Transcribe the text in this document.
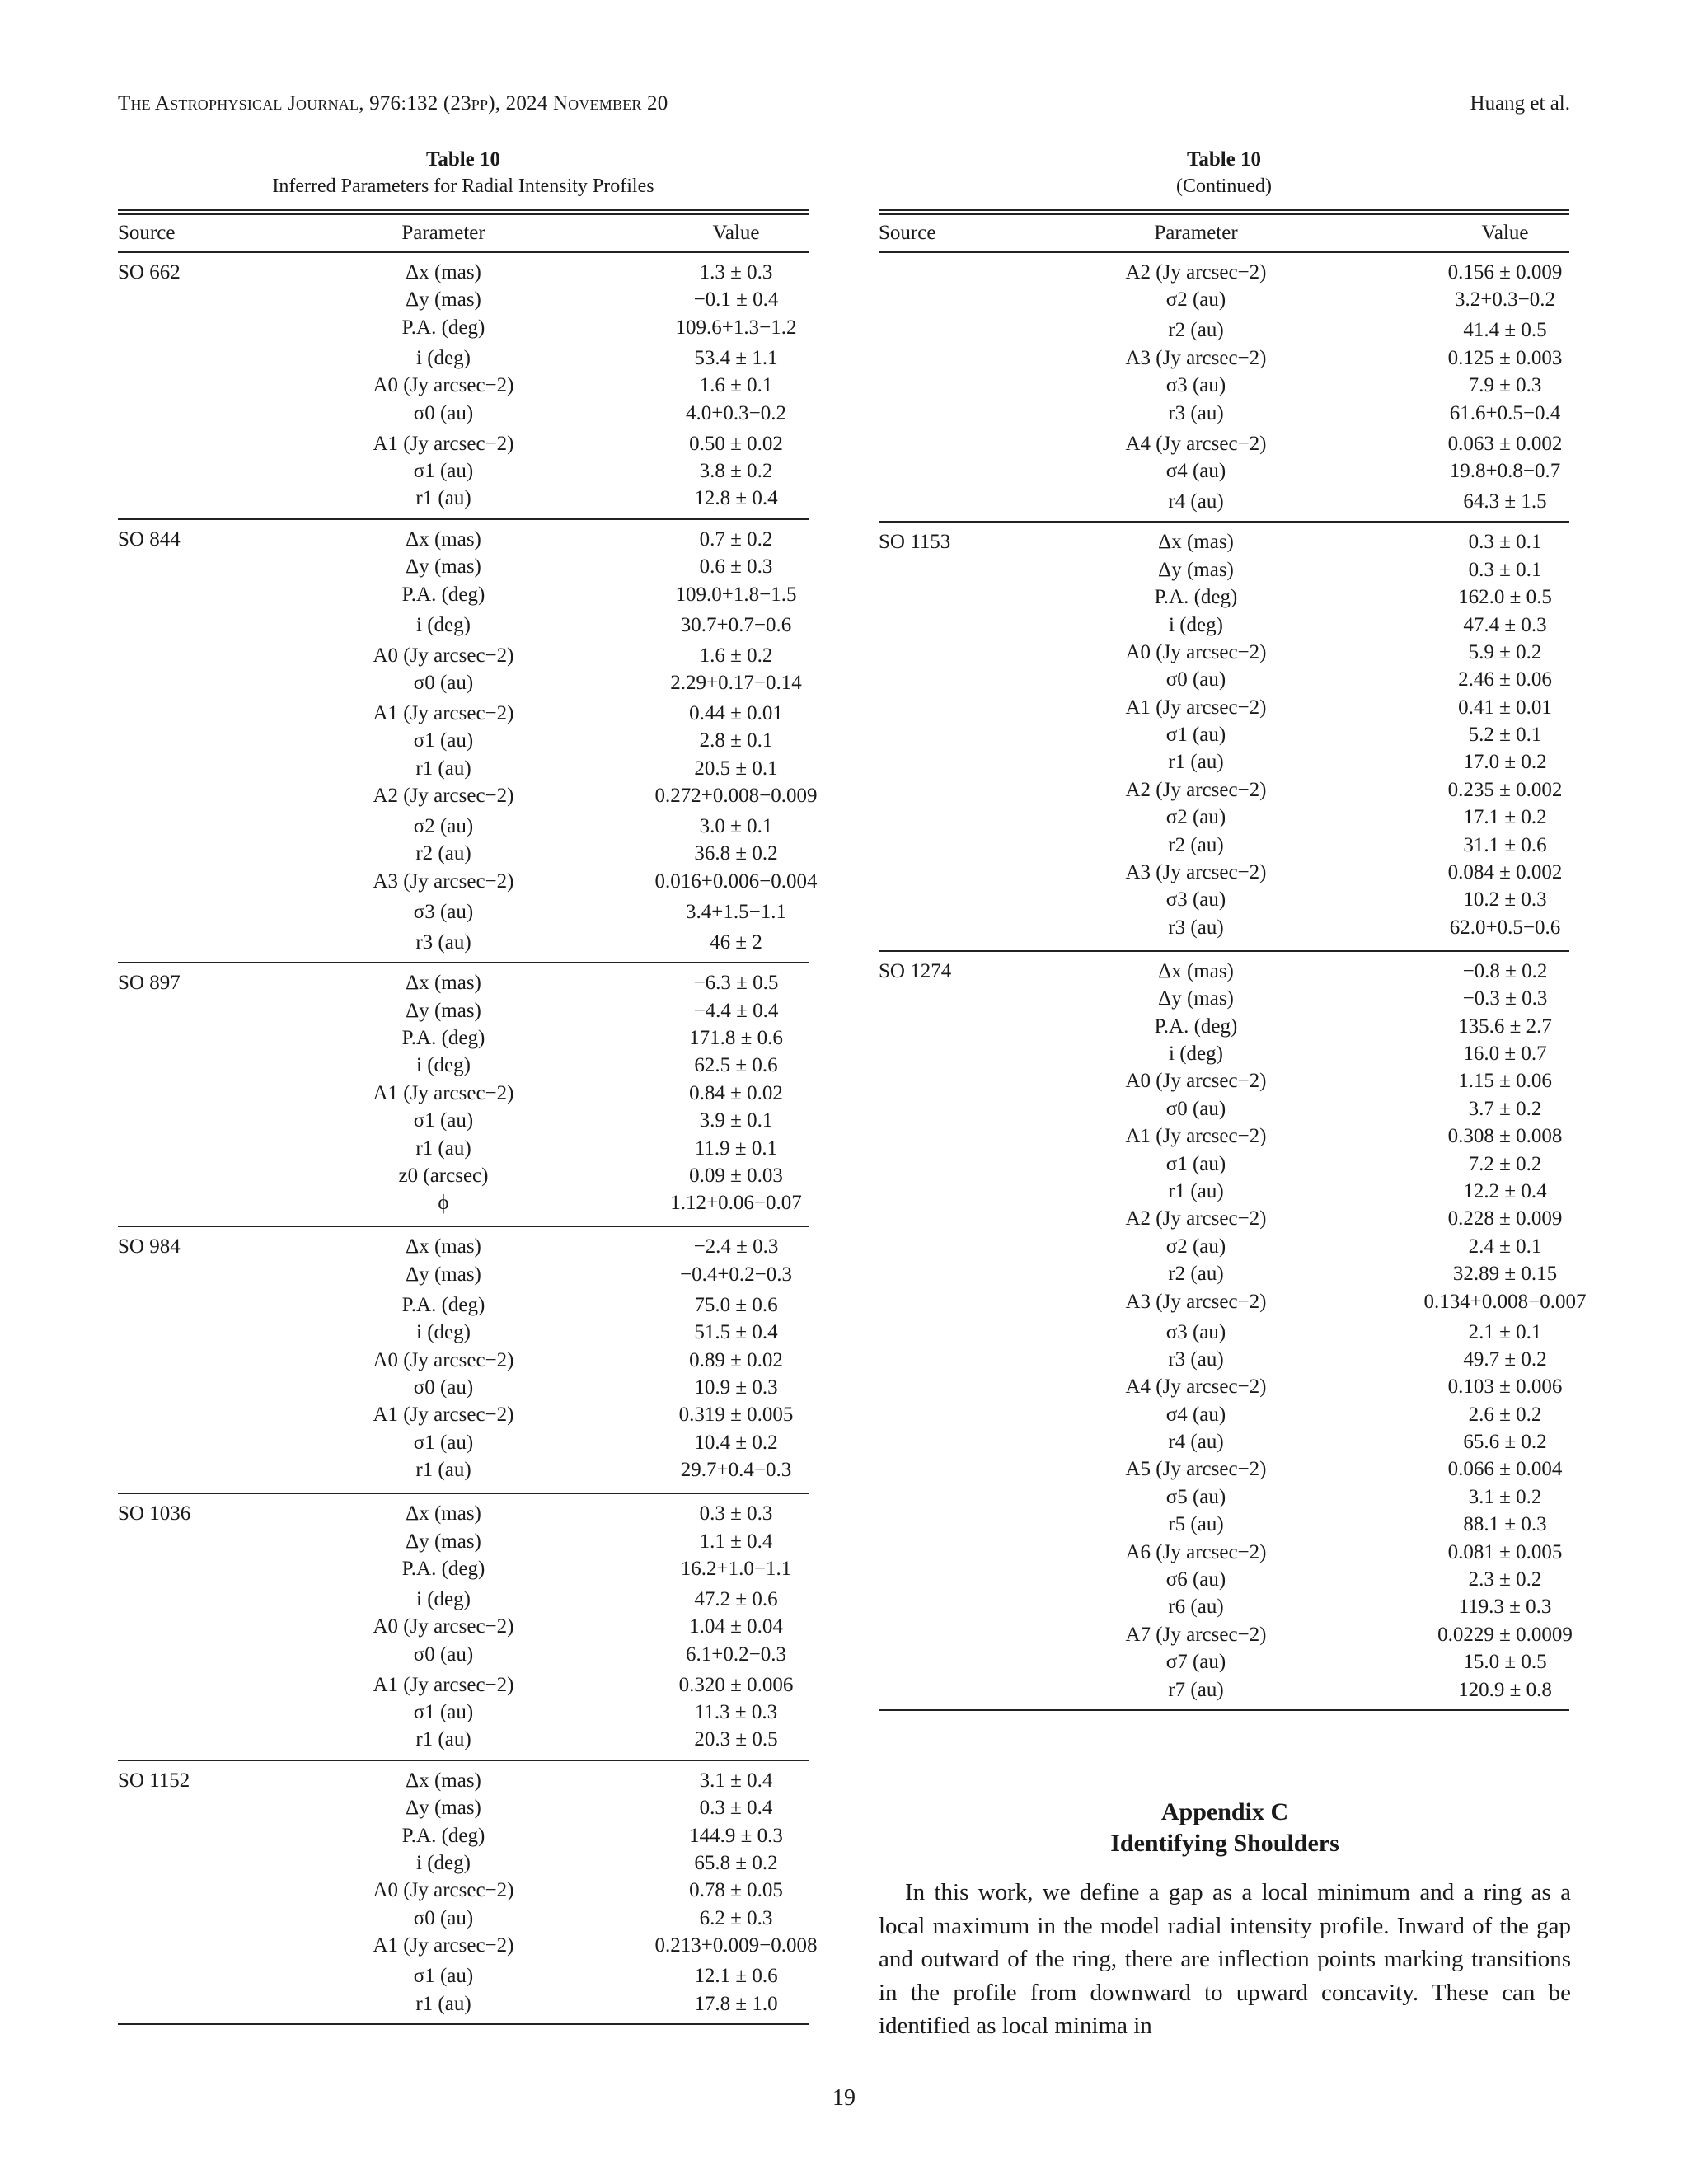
The Astrophysical Journal, 976:132 (23pp), 2024 November 20	Huang et al.
Table 10
Inferred Parameters for Radial Intensity Profiles
Source	Parameter	Value
SO 662	Δx (mas)	1.3 ± 0.3
Δy (mas)	−0.1 ± 0.4
P.A. (deg)	109.6+1.3−1.2
i (deg)	53.4 ± 1.1
A0 (Jy arcsec−2)	1.6 ± 0.1
σ0 (au)	4.0+0.3−0.2
A1 (Jy arcsec−2)	0.50 ± 0.02
σ1 (au)	3.8 ± 0.2
r1 (au)	12.8 ± 0.4
SO 844	Δx (mas)	0.7 ± 0.2
Δy (mas)	0.6 ± 0.3
P.A. (deg)	109.0+1.8−1.5
i (deg)	30.7+0.7−0.6
A0 (Jy arcsec−2)	1.6 ± 0.2
σ0 (au)	2.29+0.17−0.14
A1 (Jy arcsec−2)	0.44 ± 0.01
σ1 (au)	2.8 ± 0.1
r1 (au)	20.5 ± 0.1
A2 (Jy arcsec−2)	0.272+0.008−0.009
σ2 (au)	3.0 ± 0.1
r2 (au)	36.8 ± 0.2
A3 (Jy arcsec−2)	0.016+0.006−0.004
σ3 (au)	3.4+1.5−1.1
r3 (au)	46 ± 2
SO 897	Δx (mas)	−6.3 ± 0.5
Δy (mas)	−4.4 ± 0.4
P.A. (deg)	171.8 ± 0.6
i (deg)	62.5 ± 0.6
A1 (Jy arcsec−2)	0.84 ± 0.02
σ1 (au)	3.9 ± 0.1
r1 (au)	11.9 ± 0.1
z0 (arcsec)	0.09 ± 0.03
ϕ	1.12+0.06−0.07
SO 984	Δx (mas)	−2.4 ± 0.3
Δy (mas)	−0.4+0.2−0.3
P.A. (deg)	75.0 ± 0.6
i (deg)	51.5 ± 0.4
A0 (Jy arcsec−2)	0.89 ± 0.02
σ0 (au)	10.9 ± 0.3
A1 (Jy arcsec−2)	0.319 ± 0.005
σ1 (au)	10.4 ± 0.2
r1 (au)	29.7+0.4−0.3
SO 1036	Δx (mas)	0.3 ± 0.3
Δy (mas)	1.1 ± 0.4
P.A. (deg)	16.2+1.0−1.1
i (deg)	47.2 ± 0.6
A0 (Jy arcsec−2)	1.04 ± 0.04
σ0 (au)	6.1+0.2−0.3
A1 (Jy arcsec−2)	0.320 ± 0.006
σ1 (au)	11.3 ± 0.3
r1 (au)	20.3 ± 0.5
SO 1152	Δx (mas)	3.1 ± 0.4
Δy (mas)	0.3 ± 0.4
P.A. (deg)	144.9 ± 0.3
i (deg)	65.8 ± 0.2
A0 (Jy arcsec−2)	0.78 ± 0.05
σ0 (au)	6.2 ± 0.3
A1 (Jy arcsec−2)	0.213+0.009−0.008
σ1 (au)	12.1 ± 0.6
r1 (au)	17.8 ± 1.0
Table 10
(Continued)
Source	Parameter	Value
A2 (Jy arcsec−2)	0.156 ± 0.009
σ2 (au)	3.2+0.3−0.2
r2 (au)	41.4 ± 0.5
A3 (Jy arcsec−2)	0.125 ± 0.003
σ3 (au)	7.9 ± 0.3
r3 (au)	61.6+0.5−0.4
A4 (Jy arcsec−2)	0.063 ± 0.002
σ4 (au)	19.8+0.8−0.7
r4 (au)	64.3 ± 1.5
SO 1153	Δx (mas)	0.3 ± 0.1
Δy (mas)	0.3 ± 0.1
P.A. (deg)	162.0 ± 0.5
i (deg)	47.4 ± 0.3
A0 (Jy arcsec−2)	5.9 ± 0.2
σ0 (au)	2.46 ± 0.06
A1 (Jy arcsec−2)	0.41 ± 0.01
σ1 (au)	5.2 ± 0.1
r1 (au)	17.0 ± 0.2
A2 (Jy arcsec−2)	0.235 ± 0.002
σ2 (au)	17.1 ± 0.2
r2 (au)	31.1 ± 0.6
A3 (Jy arcsec−2)	0.084 ± 0.002
σ3 (au)	10.2 ± 0.3
r3 (au)	62.0+0.5−0.6
SO 1274	Δx (mas)	−0.8 ± 0.2
Δy (mas)	−0.3 ± 0.3
P.A. (deg)	135.6 ± 2.7
i (deg)	16.0 ± 0.7
A0 (Jy arcsec−2)	1.15 ± 0.06
σ0 (au)	3.7 ± 0.2
A1 (Jy arcsec−2)	0.308 ± 0.008
σ1 (au)	7.2 ± 0.2
r1 (au)	12.2 ± 0.4
A2 (Jy arcsec−2)	0.228 ± 0.009
σ2 (au)	2.4 ± 0.1
r2 (au)	32.89 ± 0.15
A3 (Jy arcsec−2)	0.134+0.008−0.007
σ3 (au)	2.1 ± 0.1
r3 (au)	49.7 ± 0.2
A4 (Jy arcsec−2)	0.103 ± 0.006
σ4 (au)	2.6 ± 0.2
r4 (au)	65.6 ± 0.2
A5 (Jy arcsec−2)	0.066 ± 0.004
σ5 (au)	3.1 ± 0.2
r5 (au)	88.1 ± 0.3
A6 (Jy arcsec−2)	0.081 ± 0.005
σ6 (au)	2.3 ± 0.2
r6 (au)	119.3 ± 0.3
A7 (Jy arcsec−2)	0.0229 ± 0.0009
σ7 (au)	15.0 ± 0.5
r7 (au)	120.9 ± 0.8
Appendix C
Identifying Shoulders

In this work, we define a gap as a local minimum and a ring as a local maximum in the model radial intensity profile. Inward of the gap and outward of the ring, there are inflection points marking transitions in the profile from downward to upward concavity. These can be identified as local minima in

19
